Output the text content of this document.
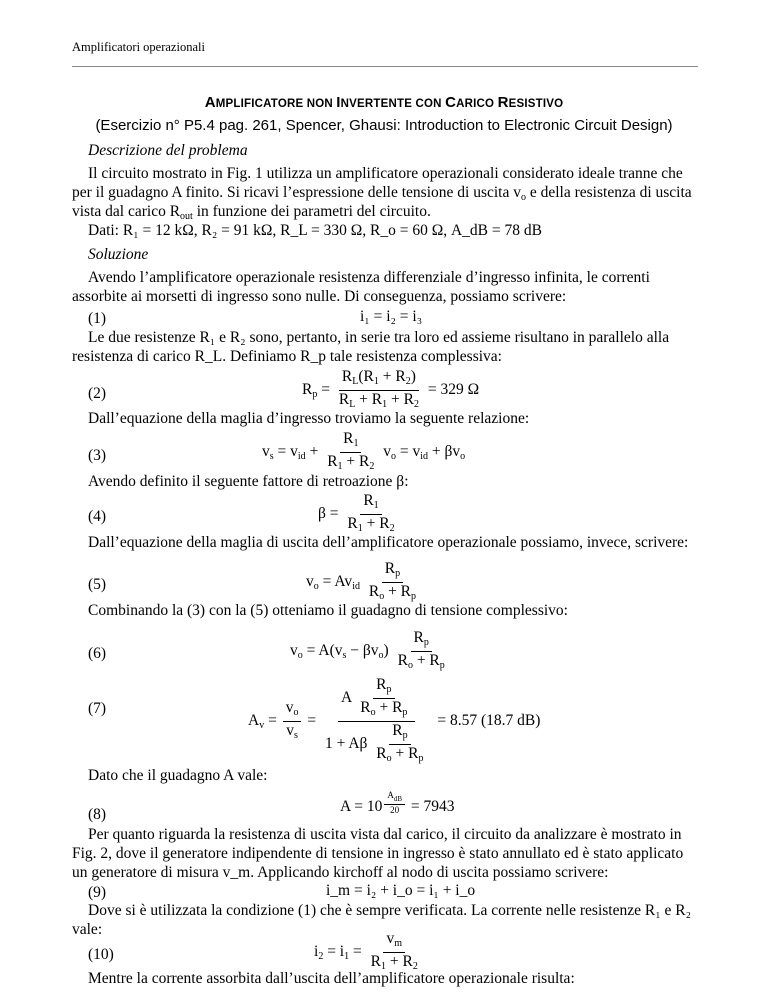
Amplificatori operazionali
AMPLIFICATORE NON INVERTENTE CON CARICO RESISTIVO
(Esercizio n° P5.4 pag. 261, Spencer, Ghausi: Introduction to Electronic Circuit Design)
Descrizione del problema
Il circuito mostrato in Fig. 1 utilizza un amplificatore operazionali considerato ideale tranne che
per il guadagno A finito. Si ricavi l’espressione delle tensione di uscita $v_o$ e della resistenza di uscita
vista dal carico $R_{out}$ in funzione dei parametri del circuito.
Dati: R₁ = 12 kΩ, R₂ = 91 kΩ, R_L = 330 Ω, R_o = 60 Ω, A_dB = 78 dB
Soluzione
Avendo l’amplificatore operazionale resistenza differenziale d’ingresso infinita, le correnti
assorbite ai morsetti di ingresso sono nulle. Di conseguenza, possiamo scrivere:
(1)	i₁ = i₂ = i₃
Le due resistenze R₁ e R₂ sono, pertanto, in serie tra loro ed assieme risultano in parallelo alla
resistenza di carico R_L. Definiamo R_p tale resistenza complessiva:
(2)	$R_p = \frac{R_L(R_1 + R_2)}{R_L + R_1 + R_2} = 329$ Ω
Dall’equazione della maglia d’ingresso troviamo la seguente relazione:
(3)	$v_s = v_{id} + \frac{R_1}{R_1 + R_2} v_o = v_{id} + \beta v_o$
Avendo definito il seguente fattore di retroazione β:
(4)	$\beta = \frac{R_1}{R_1 + R_2}$
Dall’equazione della maglia di uscita dell’amplificatore operazionale possiamo, invece, scrivere:
(5)	$v_o = Av_{id} \frac{R_p}{R_o + R_p}$
Combinando la (3) con la (5) otteniamo il guadagno di tensione complessivo:
(6)	$v_o = A(v_s - \beta v_o) \frac{R_p}{R_o + R_p}$
(7)
$A_v = \frac{v_o}{v_s} = \frac{A \frac{R_p}{R_o + R_p}}{1 + A\beta \frac{R_p}{R_o + R_p}} = 8.57$ (18.7 dB)
Dato che il guadagno A vale:
(8)	A = 10 $^{\frac{A_{dB}}{20}}$ = 7943
Per quanto riguarda la resistenza di uscita vista dal carico, il circuito da analizzare è mostrato in
Fig. 2, dove il generatore indipendente di tensione in ingresso è stato annullato ed è stato applicato
un generatore di misura v_m. Applicando kirchoff al nodo di uscita possiamo scrivere:
(9)	i_m = i₂ + i_o = i₁ + i_o
Dove si è utilizzata la condizione (1) che è sempre verificata. La corrente nelle resistenze R₁ e R₂
vale:
(10)	$i_2 = i_1 = \frac{v_m}{R_1 + R_2}$
Mentre la corrente assorbita dall’uscita dell’amplificatore operazionale risulta:
